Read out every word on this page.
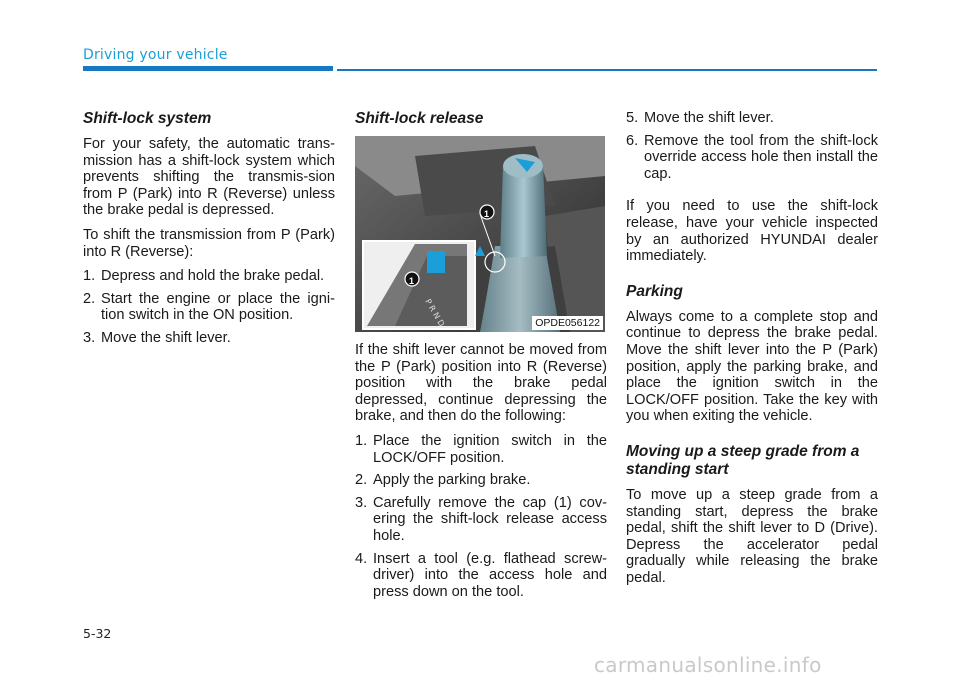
Driving your vehicle
Shift-lock system

For your safety, the automatic trans-mission has a shift-lock system which prevents shifting the transmis-sion from P (Park) into R (Reverse) unless the brake pedal is depressed.

To shift the transmission from P (Park) into R (Reverse):

1. Depress and hold the brake pedal.
2. Start the engine or place the igni-tion switch in the ON position.
3. Move the shift lever.
Shift-lock release
P R N D
1
1
OPDE056122

If the shift lever cannot be moved from the P (Park) position into R (Reverse) position with the brake pedal depressed, continue depressing the brake, and then do the following:

1. Place the ignition switch in the LOCK/OFF position.
2. Apply the parking brake.
3. Carefully remove the cap (1) cov-ering the shift-lock release access hole.
4. Insert a tool (e.g. flathead screw-driver) into the access hole and press down on the tool.
5. Move the shift lever.
6. Remove the tool from the shift-lock override access hole then install the cap.

If you need to use the shift-lock release, have your vehicle inspected by an authorized HYUNDAI dealer immediately.

Parking

Always come to a complete stop and continue to depress the brake pedal. Move the shift lever into the P (Park) position, apply the parking brake, and place the ignition switch in the LOCK/OFF position. Take the key with you when exiting the vehicle.

Moving up a steep grade from a standing start

To move up a steep grade from a standing start, depress the brake pedal, shift the shift lever to D (Drive). Depress the accelerator pedal gradually while releasing the brake pedal.

5-32
carmanualsonline.info
